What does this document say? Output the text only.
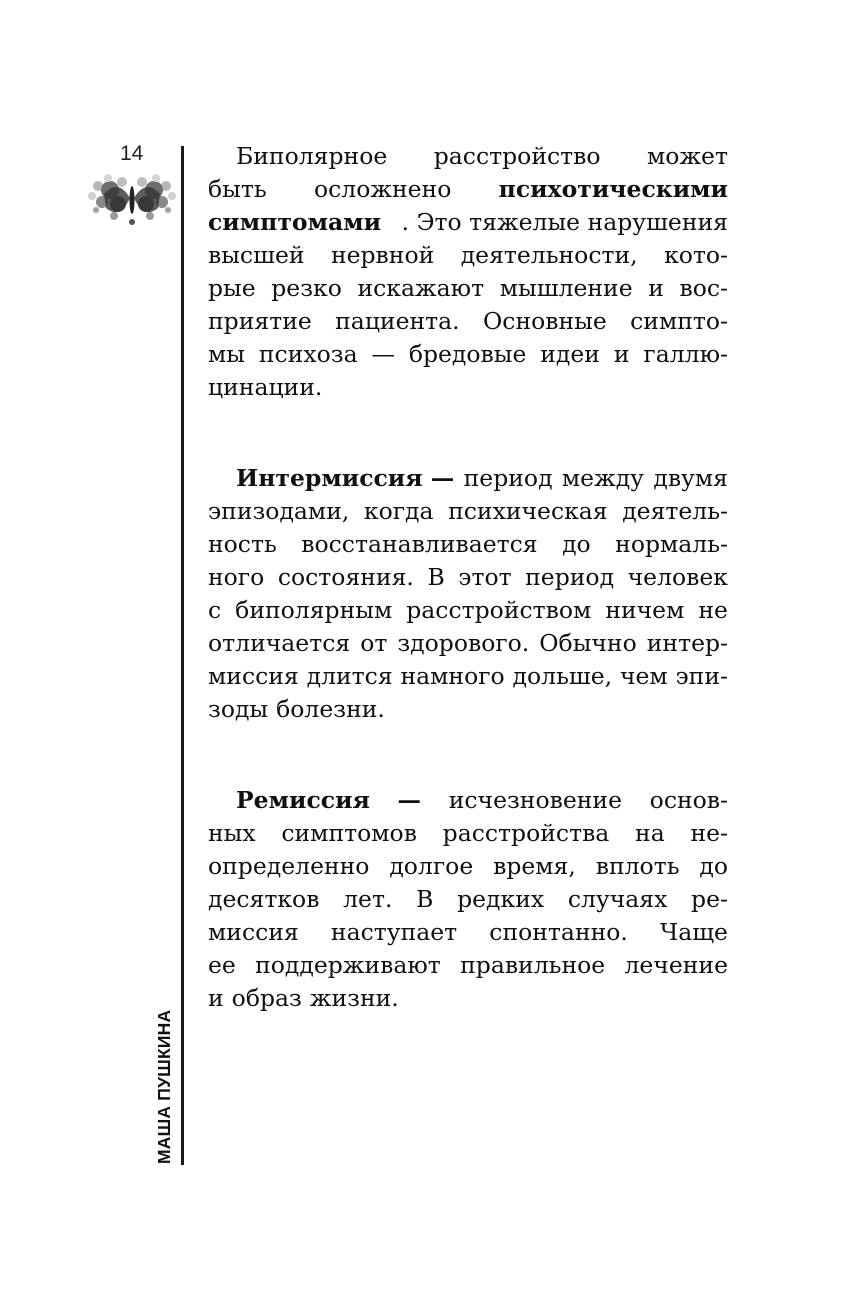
14
МАША ПУШКИНА
Биполярное расстройство может
быть осложнено психотическими
симптомами . Это тяжелые нарушения
высшей нервной деятельности, кото-
рые резко искажают мышление и вос-
приятие пациента. Основные симпто-
мы психоза — бредовые идеи и галлю-
цинации.
Интермиссия — период между двумя
эпизодами, когда психическая деятель-
ность восстанавливается до нормаль-
ного состояния. В этот период человек
с биполярным расстройством ничем не
отличается от здорового. Обычно интер-
миссия длится намного дольше, чем эпи-
зоды болезни.
Ремиссия — исчезновение основ-
ных симптомов расстройства на не-
определенно долгое время, вплоть до
десятков лет. В редких случаях ре-
миссия наступает спонтанно. Чаще
ее поддерживают правильное лечение
и образ жизни.
